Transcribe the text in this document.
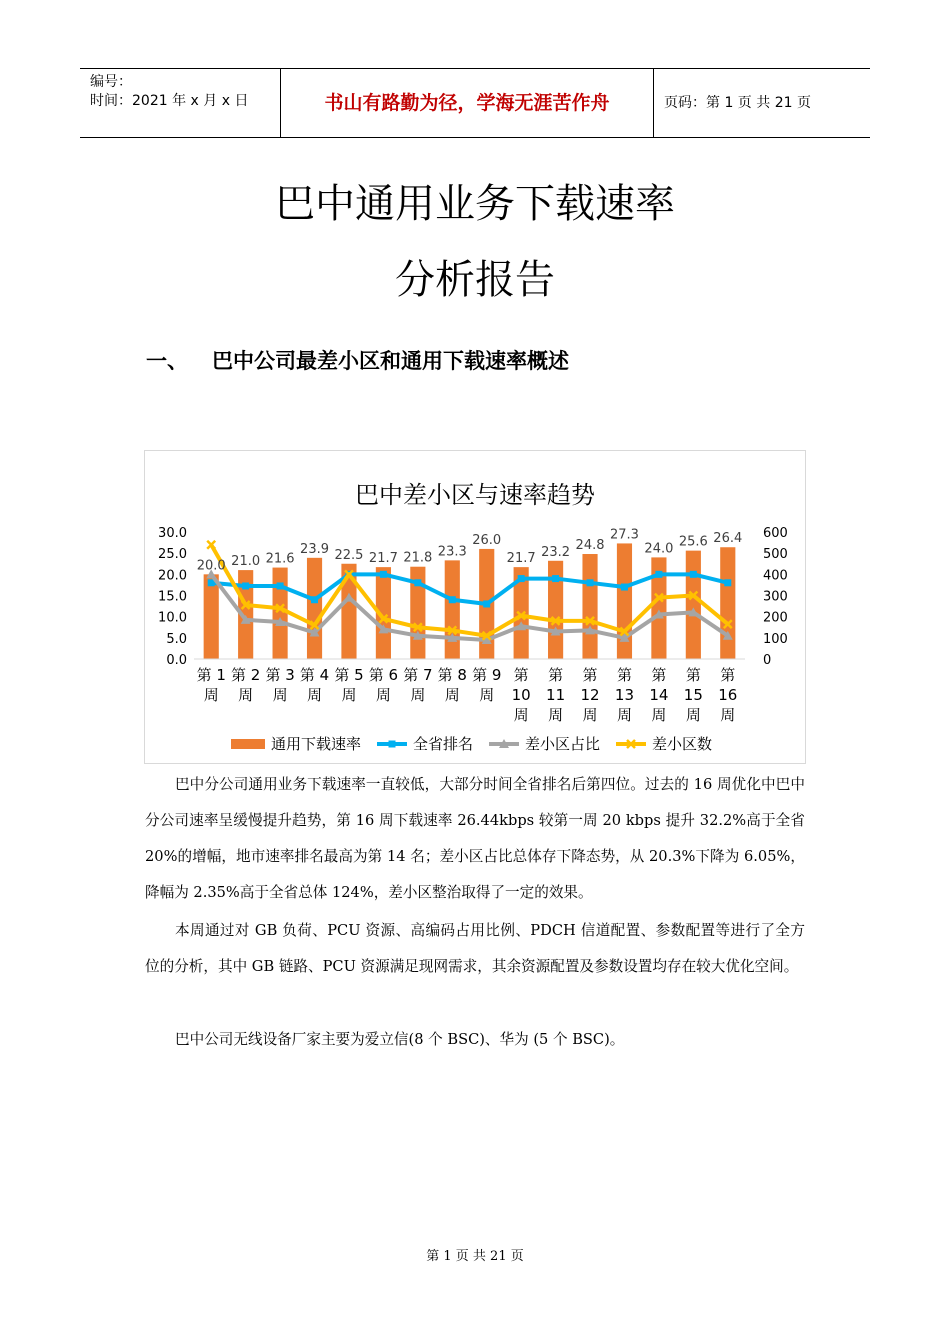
编号：
时间：2021 年 x 月 x 日	书山有路勤为径，学海无涯苦作舟	页码：第 1 页 共 21 页
巴中通用业务下载速率
分析报告
一、 巴中公司最差小区和通用下载速率概述
巴中差小区与速率趋势
0.0
5.0
10.0
15.0
20.0
25.0
30.0
0
100
200
300
400
500
600
20.0 21.0 21.6
23.9 22.5 21.7 21.8 23.3
26.0
21.7 23.2 24.8
27.3
24.0 25.6 26.4
第 1
周
第 2
周
第 3
周
第 4
周
第 5
周
第 6
周
第 7
周
第 8
周
第 9
周
第
10
周
第
11
周
第
12
周
第
13
周
第
14
周
第
15
周
第
16
周
通用下载速率	全省排名	差小区占比	差小区数
巴中分公司通用业务下载速率一直较低，大部分时间全省排名后第四位。过去的 16 周优化中巴中分公司速率呈缓慢提升趋势，第 16 周下载速率 26.44kbps 较第一周 20 kbps 提升 32.2%高于全省 20%的增幅，地市速率排名最高为第 14 名；差小区占比总体存下降态势，从 20.3%下降为 6.05%，降幅为 2.35%高于全省总体 124%，差小区整治取得了一定的效果。
本周通过对 GB 负荷、PCU 资源、高编码占用比例、PDCH 信道配置、参数配置等进行了全方位的分析，其中 GB 链路、PCU 资源满足现网需求，其余资源配置及参数设置均存在较大优化空间。
巴中公司无线设备厂家主要为爱立信(8 个 BSC)、华为 (5 个 BSC)。
第 1 页 共 21 页
